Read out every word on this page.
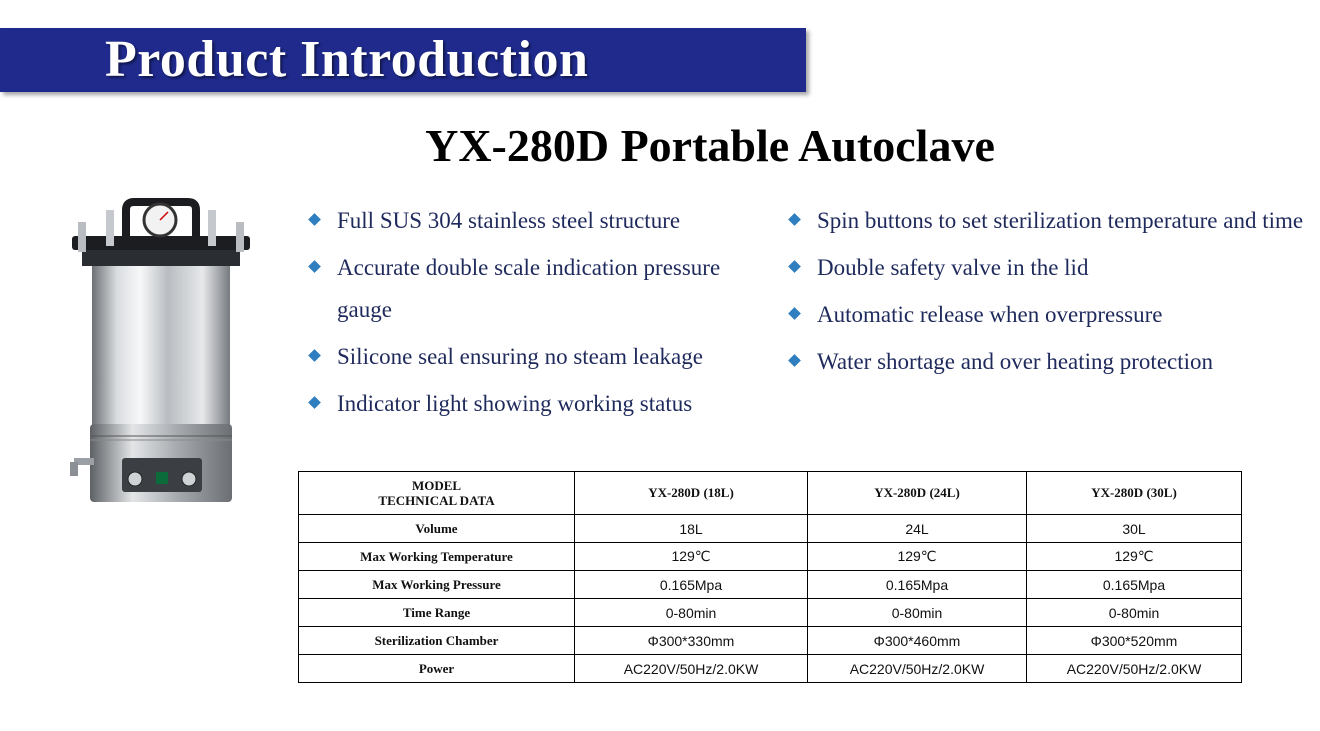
Product Introduction
YX-280D Portable Autoclave
Full SUS 304 stainless steel structure
Accurate double scale indication pressure gauge
Silicone seal ensuring no steam leakage
Indicator light showing working status
Spin buttons to set sterilization temperature and time
Double safety valve in the lid
Automatic release when overpressure
Water shortage and over heating protection
MODEL
TECHNICAL DATA	YX-280D (18L)	YX-280D (24L)	YX-280D (30L)
Volume	18L	24L	30L
Max Working Temperature	129℃	129℃	129℃
Max Working Pressure	0.165Mpa	0.165Mpa	0.165Mpa
Time Range	0-80min	0-80min	0-80min
Sterilization Chamber	Φ300*330mm	Φ300*460mm	Φ300*520mm
Power	AC220V/50Hz/2.0KW	AC220V/50Hz/2.0KW	AC220V/50Hz/2.0KW
